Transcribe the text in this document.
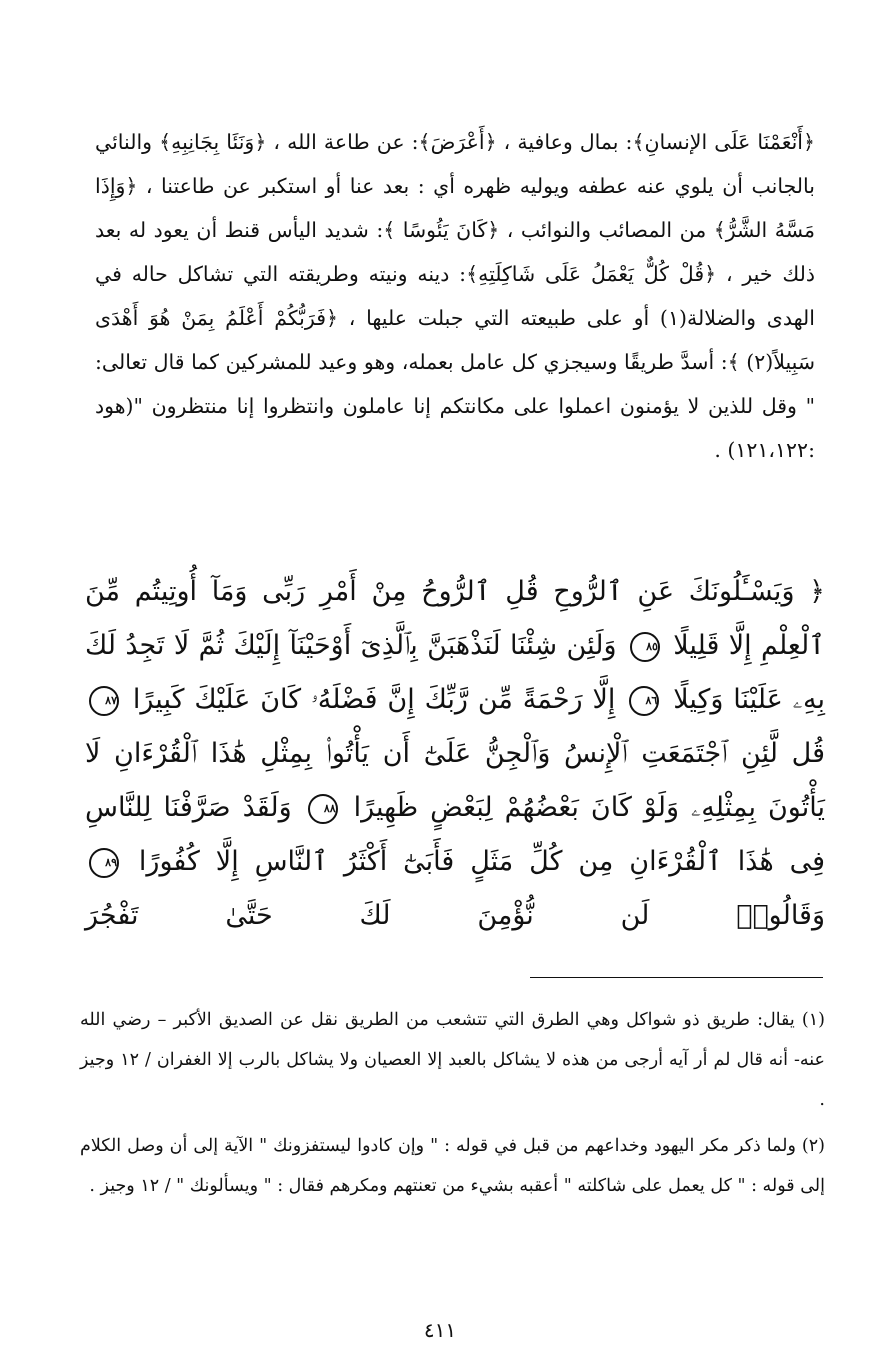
﴿أَنْعَمْنَا عَلَى الإنسانِ﴾: بمال وعافية ، ﴿أَعْرَضَ﴾: عن طاعة الله ، ﴿وَنَئَا بِجَانِبِهِ﴾ والنائي بالجانب أن يلوي عنه عطفه ويوليه ظهره أي : بعد عنا أو استكبر عن طاعتنا ، ﴿وَإِذَا مَسَّهُ الشَّرُّ﴾ من المصائب والنوائب ، ﴿كَانَ يَئُوسًا ﴾: شديد اليأس قنط أن يعود له بعد ذلك خير ، ﴿قُلْ كُلٌّ يَعْمَلُ عَلَى شَاكِلَتِهِ﴾: دينه ونيته وطريقته التي تشاكل حاله في الهدى والضلالة(١) أو على طبيعته التي جبلت عليها ، ﴿فَرَبُّكُمْ أَعْلَمُ بِمَنْ هُوَ أَهْدَى سَبِيلاً(٢) ﴾: أسدَّ طريقًا وسيجزي كل عامل بعمله، وهو وعيد للمشركين كما قال تعالى: " وقل للذين لا يؤمنون اعملوا على مكانتكم إنا عاملون وانتظروا إنا منتظرون "(هود :١٢١،١٢٢) .

﴿ وَيَسْـَٔلُونَكَ عَنِ ٱلرُّوحِ قُلِ ٱلرُّوحُ مِنْ أَمْرِ رَبِّى وَمَآ أُوتِيتُم مِّنَ ٱلْعِلْمِ إِلَّا قَلِيلًا ٨٥ وَلَئِن شِئْنَا لَنَذْهَبَنَّ بِٱلَّذِىٓ أَوْحَيْنَآ إِلَيْكَ ثُمَّ لَا تَجِدُ لَكَ بِهِۦ عَلَيْنَا وَكِيلًا ٨٦ إِلَّا رَحْمَةً مِّن رَّبِّكَ إِنَّ فَضْلَهُۥ كَانَ عَلَيْكَ كَبِيرًا ٨٧ قُل لَّئِنِ ٱجْتَمَعَتِ ٱلْإِنسُ وَٱلْجِنُّ عَلَىٰٓ أَن يَأْتُوا۟ بِمِثْلِ هَٰذَا ٱلْقُرْءَانِ لَا يَأْتُونَ بِمِثْلِهِۦ وَلَوْ كَانَ بَعْضُهُمْ لِبَعْضٍ ظَهِيرًا ٨٨ وَلَقَدْ صَرَّفْنَا لِلنَّاسِ فِى هَٰذَا ٱلْقُرْءَانِ مِن كُلِّ مَثَلٍ فَأَبَىٰٓ أَكْثَرُ ٱلنَّاسِ إِلَّا كُفُورًا ٨٩ وَقَالُوا۟ لَن نُّؤْمِنَ لَكَ حَتَّىٰ تَفْجُرَ

(١) يقال: طريق ذو شواكل وهي الطرق التي تتشعب من الطريق نقل عن الصديق الأكبر – رضي الله عنه- أنه قال لم أر آيه أرجى من هذه لا يشاكل بالعبد إلا العصيان ولا يشاكل بالرب إلا الغفران / ١٢ وجيز .

(٢) ولما ذكر مكر اليهود وخداعهم من قبل في قوله : " وإن كادوا ليستفزونك " الآية إلى أن وصل الكلام إلى قوله : " كل يعمل على شاكلته " أعقبه بشيء من تعنتهم ومكرهم فقال : " ويسألونك " / ١٢ وجيز .

٤١١
